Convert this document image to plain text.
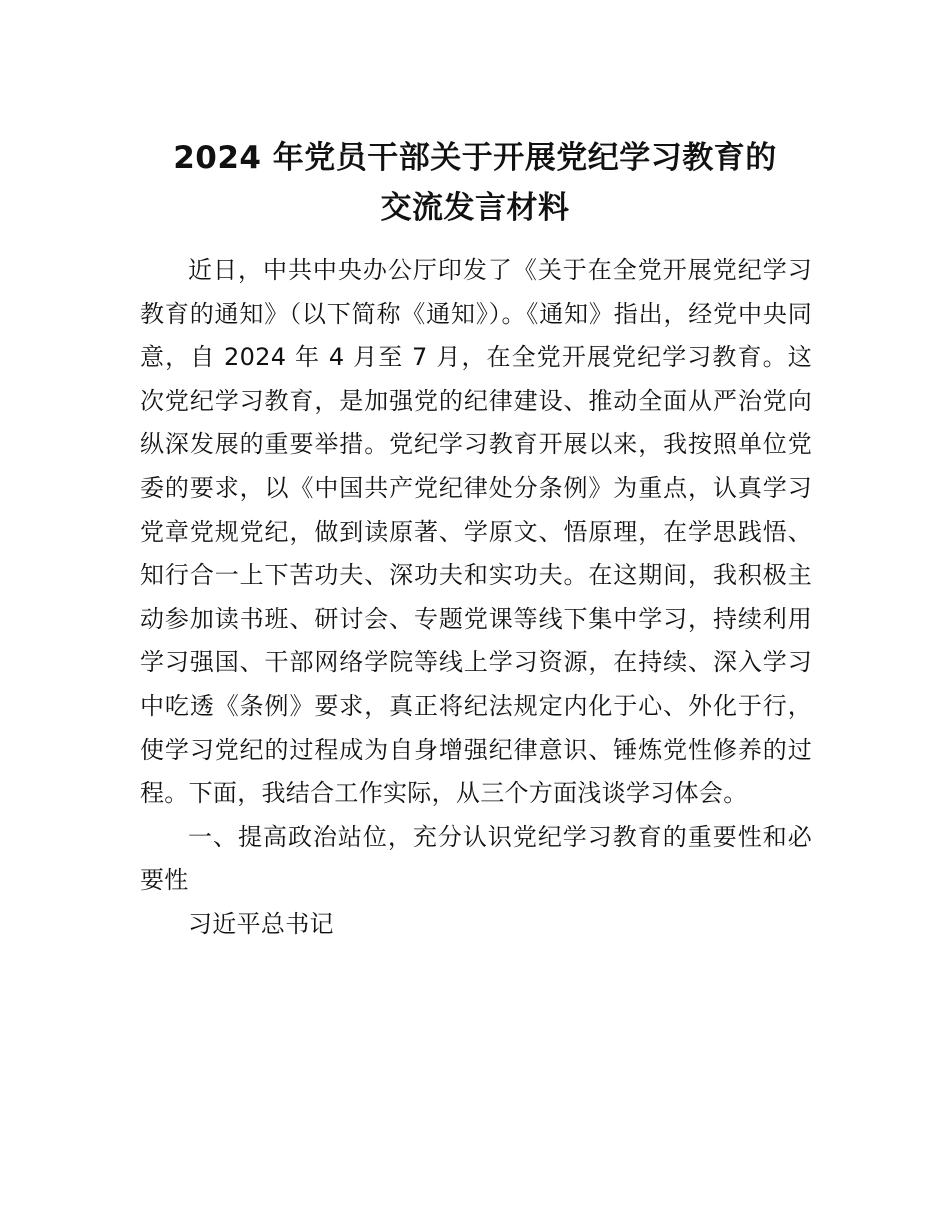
2024 年党员干部关于开展党纪学习教育的
交流发言材料

近日，中共中央办公厅印发了《关于在全党开展党纪学习教育的通知》（以下简称《通知》）。《通知》指出，经党中央同意，自 2024 年 4 月至 7 月，在全党开展党纪学习教育。这次党纪学习教育，是加强党的纪律建设、推动全面从严治党向纵深发展的重要举措。党纪学习教育开展以来，我按照单位党委的要求，以《中国共产党纪律处分条例》为重点，认真学习党章党规党纪，做到读原著、学原文、悟原理，在学思践悟、知行合一上下苦功夫、深功夫和实功夫。在这期间，我积极主动参加读书班、研讨会、专题党课等线下集中学习，持续利用学习强国、干部网络学院等线上学习资源，在持续、深入学习中吃透《条例》要求，真正将纪法规定内化于心、外化于行，使学习党纪的过程成为自身增强纪律意识、锤炼党性修养的过程。下面，我结合工作实际，从三个方面浅谈学习体会。

一、提高政治站位，充分认识党纪学习教育的重要性和必要性

习近平总书记
